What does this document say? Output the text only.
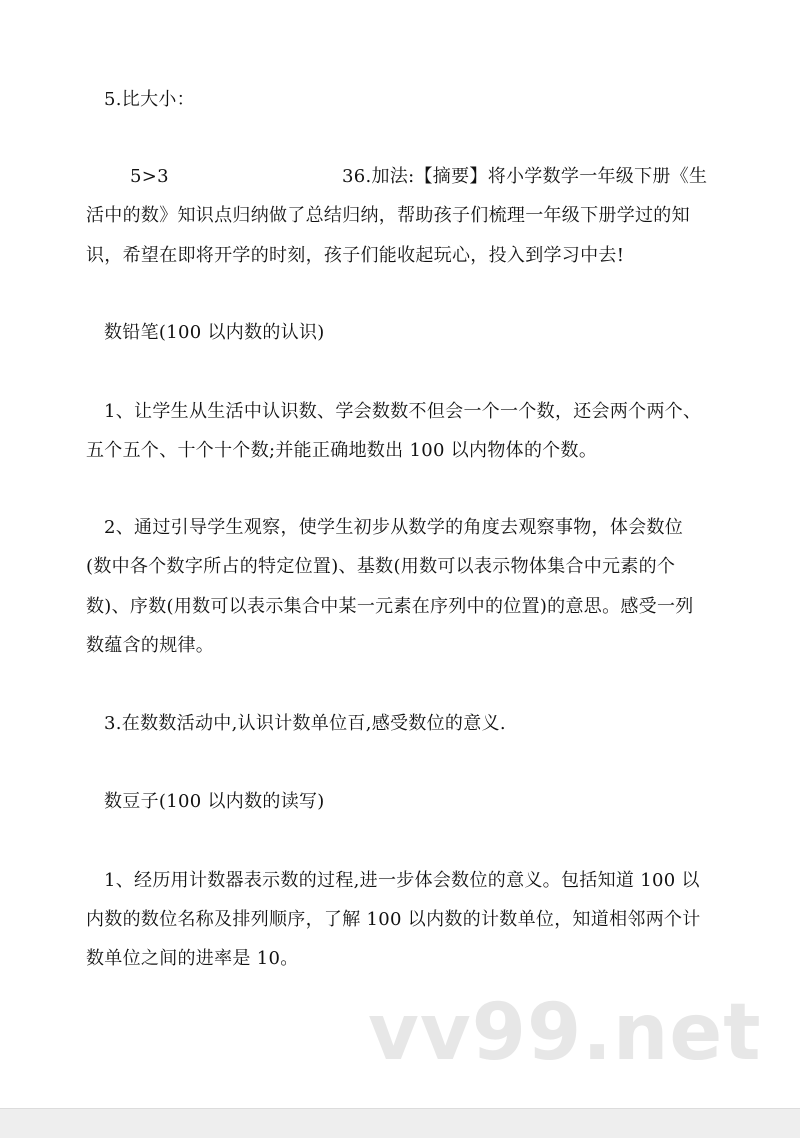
5.比大小：
5>3	36.加法:【摘要】将小学数学一年级下册《生
活中的数》知识点归纳做了总结归纳，帮助孩子们梳理一年级下册学过的知
识，希望在即将开学的时刻，孩子们能收起玩心，投入到学习中去!
数铅笔(100 以内数的认识)
1、让学生从生活中认识数、学会数数不但会一个一个数，还会两个两个、
五个五个、十个十个数;并能正确地数出 100 以内物体的个数。
2、通过引导学生观察，使学生初步从数学的角度去观察事物，体会数位
(数中各个数字所占的特定位置)、基数(用数可以表示物体集合中元素的个
数)、序数(用数可以表示集合中某一元素在序列中的位置)的意思。感受一列
数蕴含的规律。
3.在数数活动中,认识计数单位百,感受数位的意义.
数豆子(100 以内数的读写)
1、经历用计数器表示数的过程,进一步体会数位的意义。包括知道 100 以
内数的数位名称及排列顺序，了解 100 以内数的计数单位，知道相邻两个计
数单位之间的进率是 10。
vv99.net
